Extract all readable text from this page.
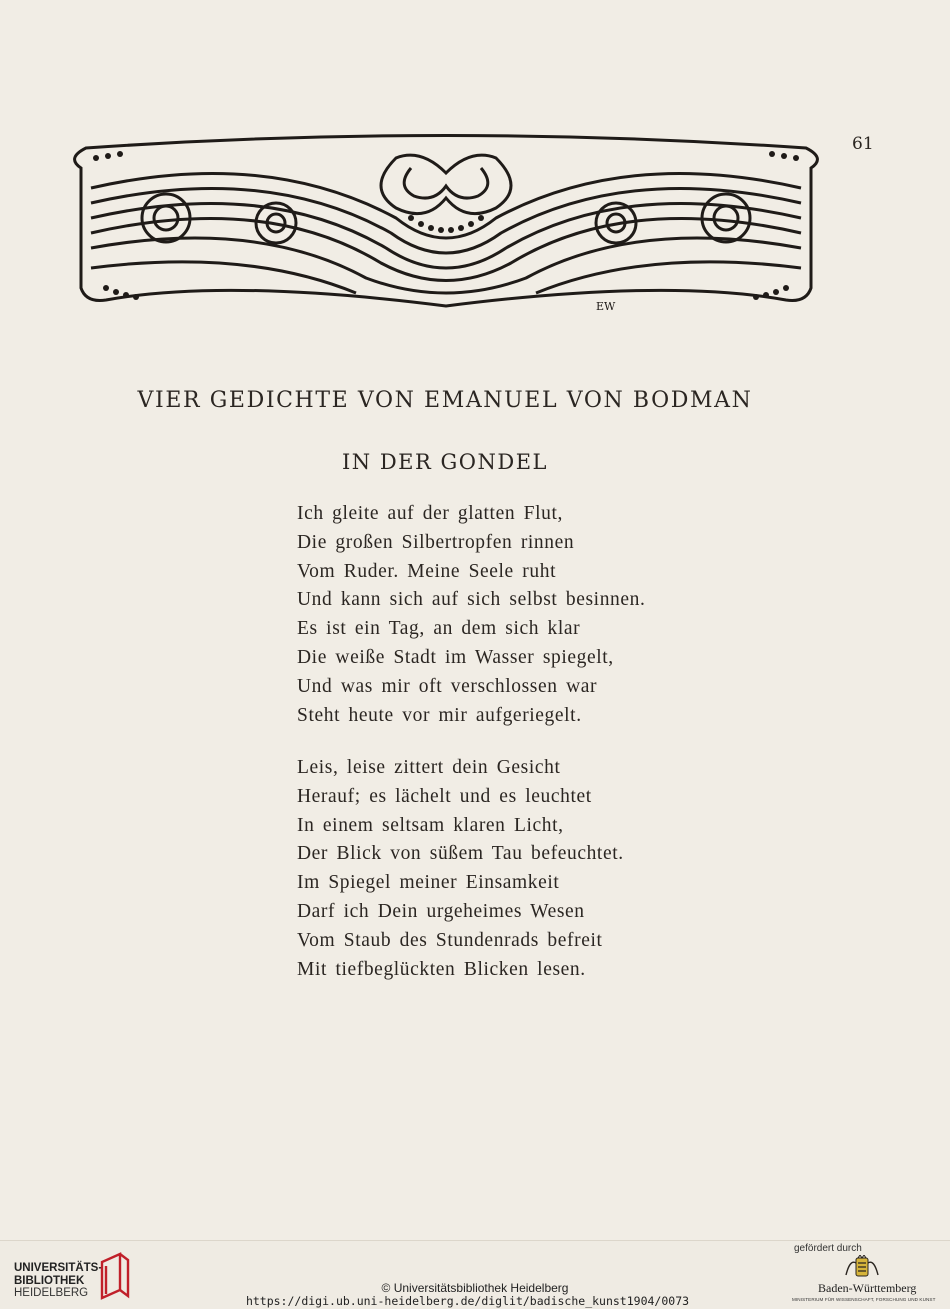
61
EW
VIER GEDICHTE VON EMANUEL VON BODMAN
IN DER GONDEL
Ich gleite auf der glatten Flut,
Die großen Silbertropfen rinnen
Vom Ruder. Meine Seele ruht
Und kann sich auf sich selbst besinnen.
Es ist ein Tag, an dem sich klar
Die weiße Stadt im Wasser spiegelt,
Und was mir oft verschlossen war
Steht heute vor mir aufgeriegelt.
Leis, leise zittert dein Gesicht
Herauf; es lächelt und es leuchtet
In einem seltsam klaren Licht,
Der Blick von süßem Tau befeuchtet.
Im Spiegel meiner Einsamkeit
Darf ich Dein urgeheimes Wesen
Vom Staub des Stundenrads befreit
Mit tiefbeglückten Blicken lesen.
UNIVERSITÄTS-
BIBLIOTHEK
HEIDELBERG	© Universitätsbibliothek Heidelberg
https://digi.ub.uni-heidelberg.de/diglit/badische_kunst1904/0073
gefördert durch
Baden-Württemberg
MINISTERIUM FÜR WISSENSCHAFT, FORSCHUNG UND KUNST
